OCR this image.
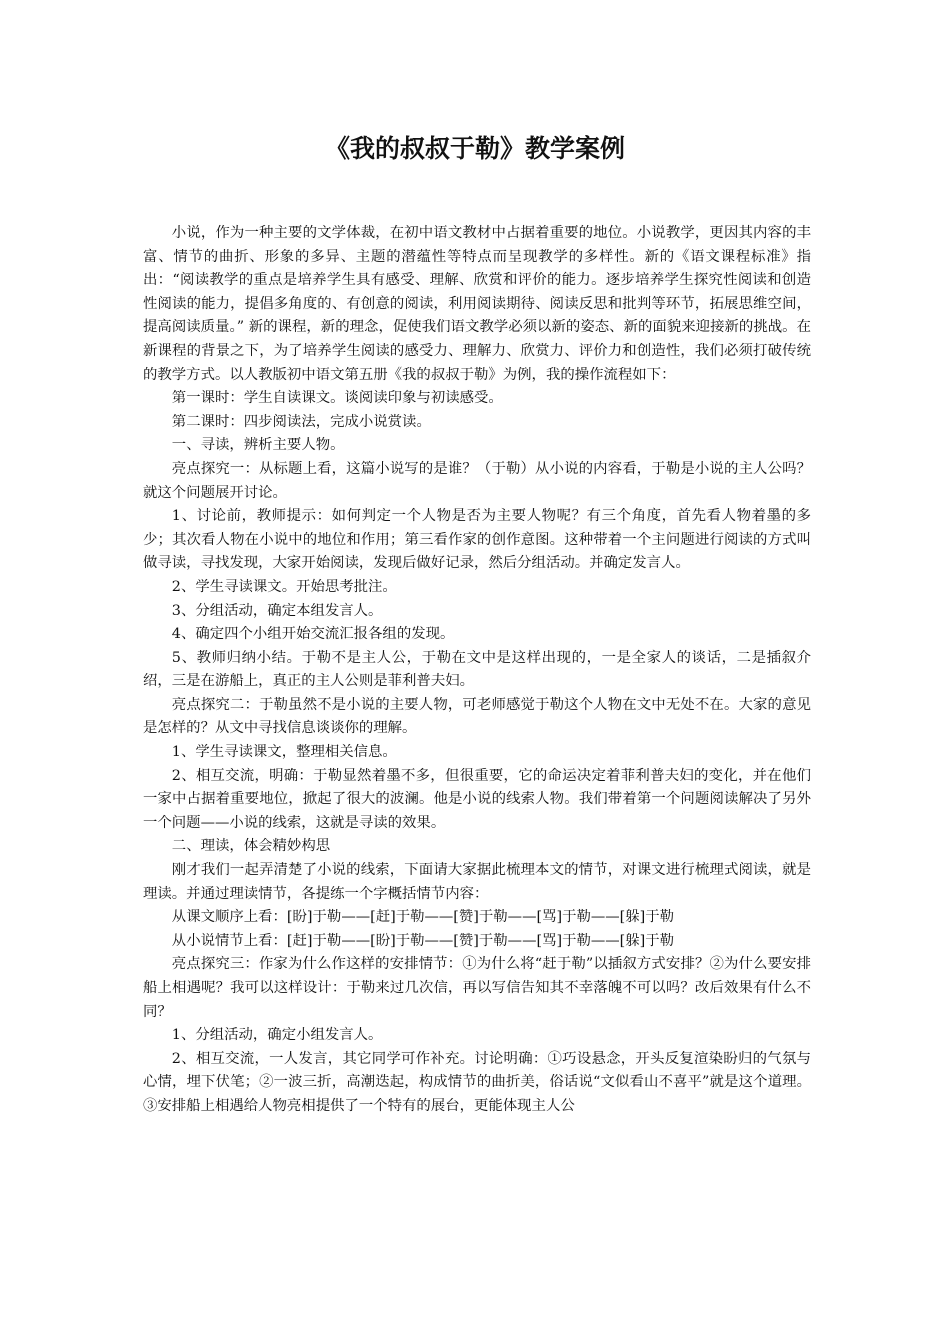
《我的叔叔于勒》教学案例

小说，作为一种主要的文学体裁，在初中语文教材中占据着重要的地位。小说教学，更因其内容的丰富、情节的曲折、形象的多异、主题的潜蕴性等特点而呈现教学的多样性。新的《语文课程标准》指出：“阅读教学的重点是培养学生具有感受、理解、欣赏和评价的能力。逐步培养学生探究性阅读和创造性阅读的能力，提倡多角度的、有创意的阅读，利用阅读期待、阅读反思和批判等环节，拓展思维空间，提高阅读质量。” 新的课程，新的理念，促使我们语文教学必须以新的姿态、新的面貌来迎接新的挑战。在新课程的背景之下，为了培养学生阅读的感受力、理解力、欣赏力、评价力和创造性，我们必须打破传统的教学方式。以人教版初中语文第五册《我的叔叔于勒》为例，我的操作流程如下：

第一课时：学生自读课文。谈阅读印象与初读感受。

第二课时：四步阅读法，完成小说赏读。

一、寻读，辨析主要人物。

亮点探究一：从标题上看，这篇小说写的是谁？（于勒）从小说的内容看，于勒是小说的主人公吗？就这个问题展开讨论。

1、讨论前，教师提示：如何判定一个人物是否为主要人物呢？有三个角度，首先看人物着墨的多少；其次看人物在小说中的地位和作用；第三看作家的创作意图。这种带着一个主问题进行阅读的方式叫做寻读，寻找发现，大家开始阅读，发现后做好记录，然后分组活动。并确定发言人。

2、学生寻读课文。开始思考批注。

3、分组活动，确定本组发言人。

4、确定四个小组开始交流汇报各组的发现。

5、教师归纳小结。于勒不是主人公，于勒在文中是这样出现的，一是全家人的谈话，二是插叙介绍，三是在游船上，真正的主人公则是菲利普夫妇。

亮点探究二：于勒虽然不是小说的主要人物，可老师感觉于勒这个人物在文中无处不在。大家的意见是怎样的？从文中寻找信息谈谈你的理解。

1、学生寻读课文，整理相关信息。

2、相互交流，明确：于勒显然着墨不多，但很重要，它的命运决定着菲利普夫妇的变化，并在他们一家中占据着重要地位，掀起了很大的波澜。他是小说的线索人物。我们带着第一个问题阅读解决了另外一个问题——小说的线索，这就是寻读的效果。

二、理读，体会精妙构思

刚才我们一起弄清楚了小说的线索，下面请大家据此梳理本文的情节，对课文进行梳理式阅读，就是理读。并通过理读情节，各提练一个字概括情节内容：

从课文顺序上看：[盼]于勒——[赶]于勒——[赞]于勒——[骂]于勒——[躲]于勒

从小说情节上看：[赶]于勒——[盼]于勒——[赞]于勒——[骂]于勒——[躲]于勒

亮点探究三：作家为什么作这样的安排情节：①为什么将“赶于勒”以插叙方式安排？②为什么要安排船上相遇呢？我可以这样设计：于勒来过几次信，再以写信告知其不幸落魄不可以吗？改后效果有什么不同？

1、分组活动，确定小组发言人。

2、相互交流，一人发言，其它同学可作补充。讨论明确：①巧设悬念，开头反复渲染盼归的气氛与心情，埋下伏笔；②一波三折，高潮迭起，构成情节的曲折美，俗话说“文似看山不喜平”就是这个道理。③安排船上相遇给人物亮相提供了一个特有的展台，更能体现主人公
